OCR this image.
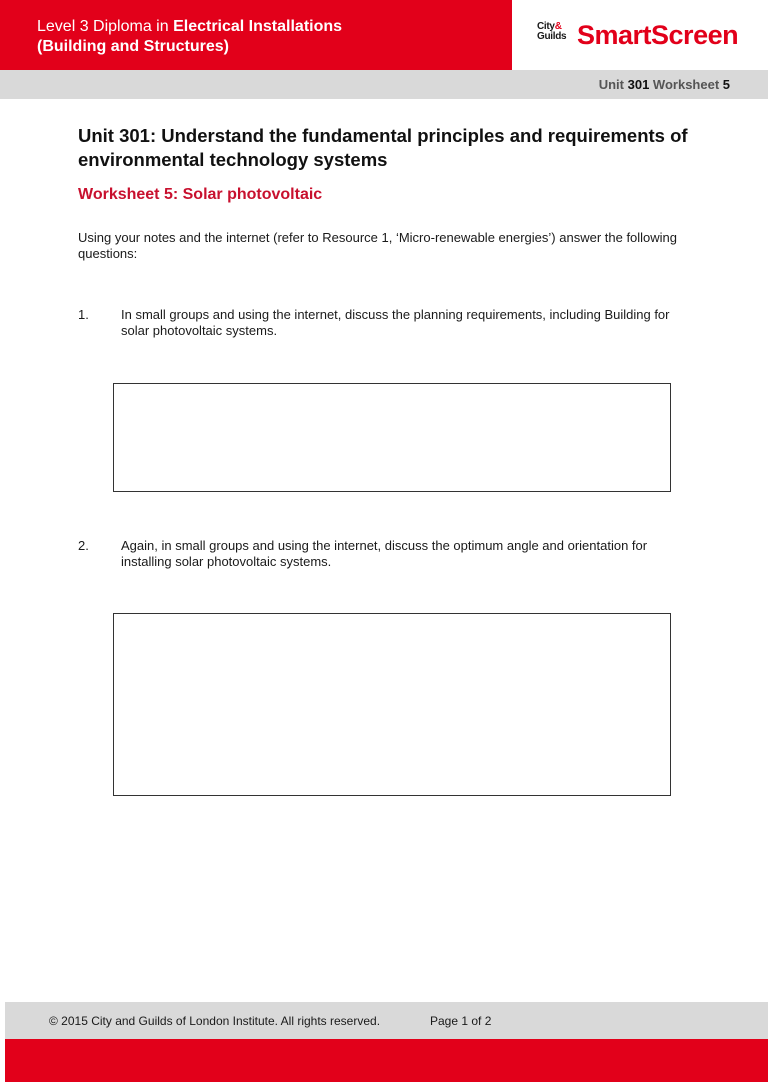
Level 3 Diploma in Electrical Installations
(Building and Structures)
City&
Guilds SmartScreen
Unit 301 Worksheet 5
Unit 301: Understand the fundamental principles and requirements of environmental technology systems
Worksheet 5: Solar photovoltaic

Using your notes and the internet (refer to Resource 1, ‘Micro-renewable energies’) answer the following questions:

1. In small groups and using the internet, discuss the planning requirements, including Building for solar photovoltaic systems.

2. Again, in small groups and using the internet, discuss the optimum angle and orientation for installing solar photovoltaic systems.

© 2015 City and Guilds of London Institute. All rights reserved.	Page 1 of 2
